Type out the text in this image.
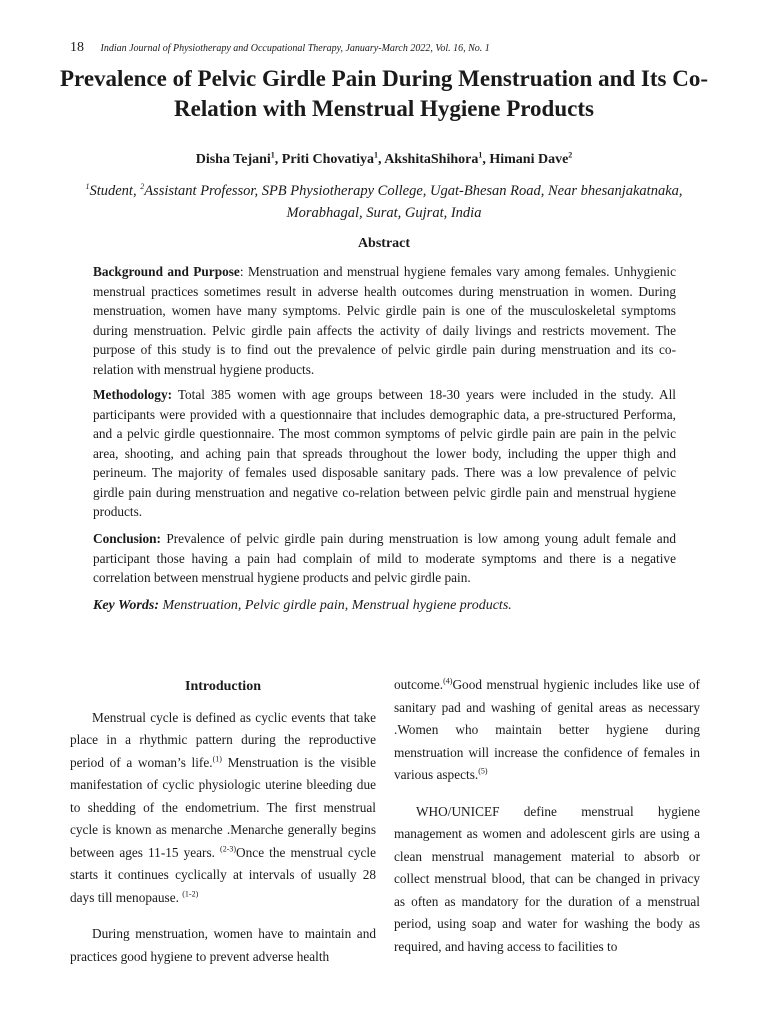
18 Indian Journal of Physiotherapy and Occupational Therapy, January-March 2022, Vol. 16, No. 1
Prevalence of Pelvic Girdle Pain During Menstruation and Its Co-Relation with Menstrual Hygiene Products
Disha Tejani$^1$, Priti Chovatiya$^1$, AkshitaShihora$^1$, Himani Dave$^2$
$^1$Student, $^2$Assistant Professor, SPB Physiotherapy College, Ugat-Bhesan Road, Near bhesanjakatnaka, Morabhagal, Surat, Gujrat, India
Abstract
Background and Purpose: Menstruation and menstrual hygiene females vary among females. Unhygienic menstrual practices sometimes result in adverse health outcomes during menstruation in women. During menstruation, women have many symptoms. Pelvic girdle pain is one of the musculoskeletal symptoms during menstruation. Pelvic girdle pain affects the activity of daily livings and restricts movement. The purpose of this study is to find out the prevalence of pelvic girdle pain during menstruation and its co-relation with menstrual hygiene products.
Methodology: Total 385 women with age groups between 18-30 years were included in the study. All participants were provided with a questionnaire that includes demographic data, a pre-structured Performa, and a pelvic girdle questionnaire. The most common symptoms of pelvic girdle pain are pain in the pelvic area, shooting, and aching pain that spreads throughout the lower body, including the upper thigh and perineum. The majority of females used disposable sanitary pads. There was a low prevalence of pelvic girdle pain during menstruation and negative co-relation between pelvic girdle pain and menstrual hygiene products.
Conclusion: Prevalence of pelvic girdle pain during menstruation is low among young adult female and participant those having a pain had complain of mild to moderate symptoms and there is a negative correlation between menstrual hygiene products and pelvic girdle pain.
Key Words: Menstruation, Pelvic girdle pain, Menstrual hygiene products.
Introduction

Menstrual cycle is defined as cyclic events that take place in a rhythmic pattern during the reproductive period of a woman’s life.$^{(1)}$ Menstruation is the visible manifestation of cyclic physiologic uterine bleeding due to shedding of the endometrium. The first menstrual cycle is known as menarche .Menarche generally begins between ages 11-15 years. $^{(2-3)}$Once the menstrual cycle starts it continues cyclically at intervals of usually 28 days till menopause. $^{(1-2)}$

During menstruation, women have to maintain and practices good hygiene to prevent adverse health

outcome.$^{(4)}$Good menstrual hygienic includes like use of sanitary pad and washing of genital areas as necessary .Women who maintain better hygiene during menstruation will increase the confidence of females in various aspects.$^{(5)}$

WHO/UNICEF define menstrual hygiene management as women and adolescent girls are using a clean menstrual management material to absorb or collect menstrual blood, that can be changed in privacy as often as mandatory for the duration of a menstrual period, using soap and water for washing the body as required, and having access to facilities to
